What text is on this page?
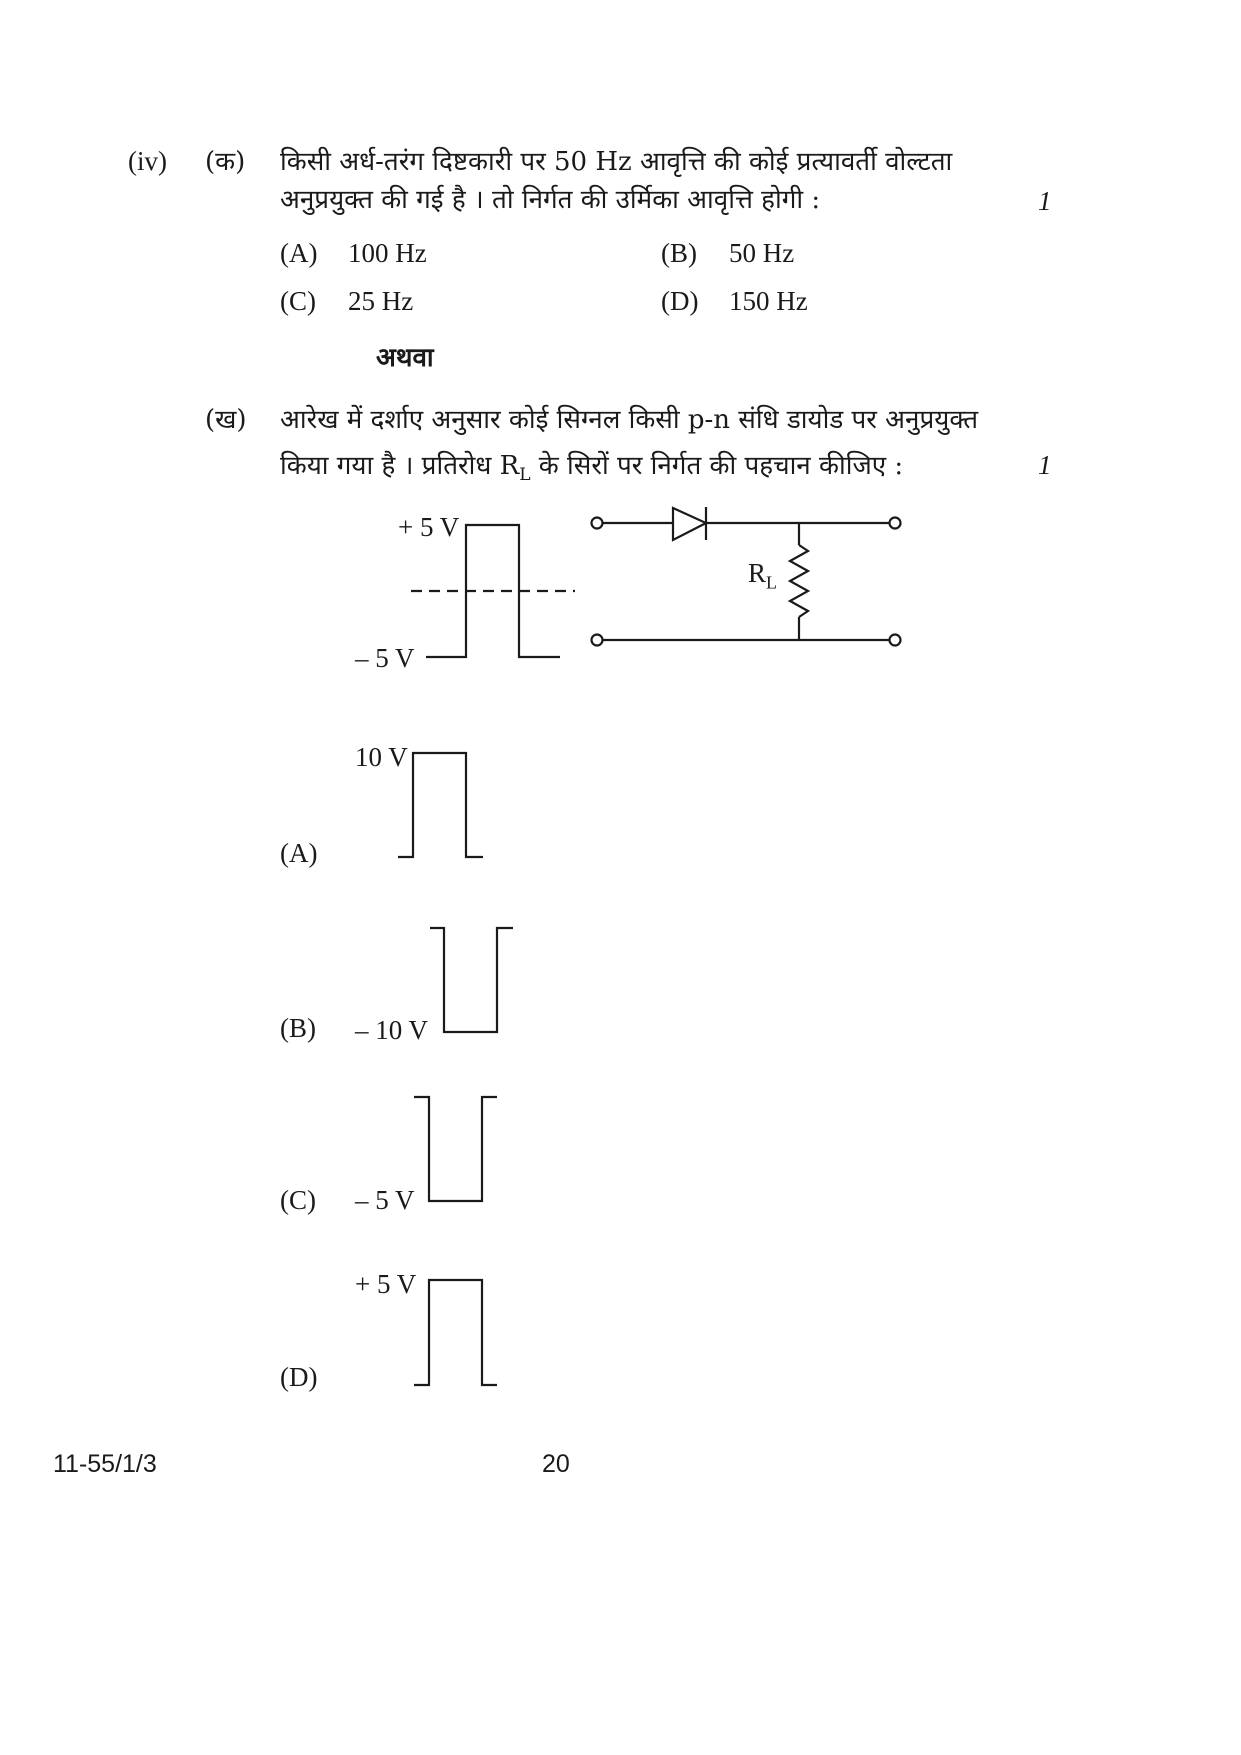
(iv) (क) किसी अर्ध-तरंग दिष्टकारी पर 50 Hz आवृत्ति की कोई प्रत्यावर्ती वोल्टता
अनुप्रयुक्त की गई है । तो निर्गत की उर्मिका आवृत्ति होगी :	1
(A) 100 Hz	(B) 50 Hz
(C) 25 Hz	(D) 150 Hz
अथवा
(ख) आरेख में दर्शाए अनुसार कोई सिग्नल किसी p-n संधि डायोड पर अनुप्रयुक्त
किया गया है । प्रतिरोध $R_L$ के सिरों पर निर्गत की पहचान कीजिए :	1
+ 5 V
– 5 V
$R_L$
10 V
(A)
(B) – 10 V
(C) – 5 V
+ 5 V
(D)
11-55/1/3	20
